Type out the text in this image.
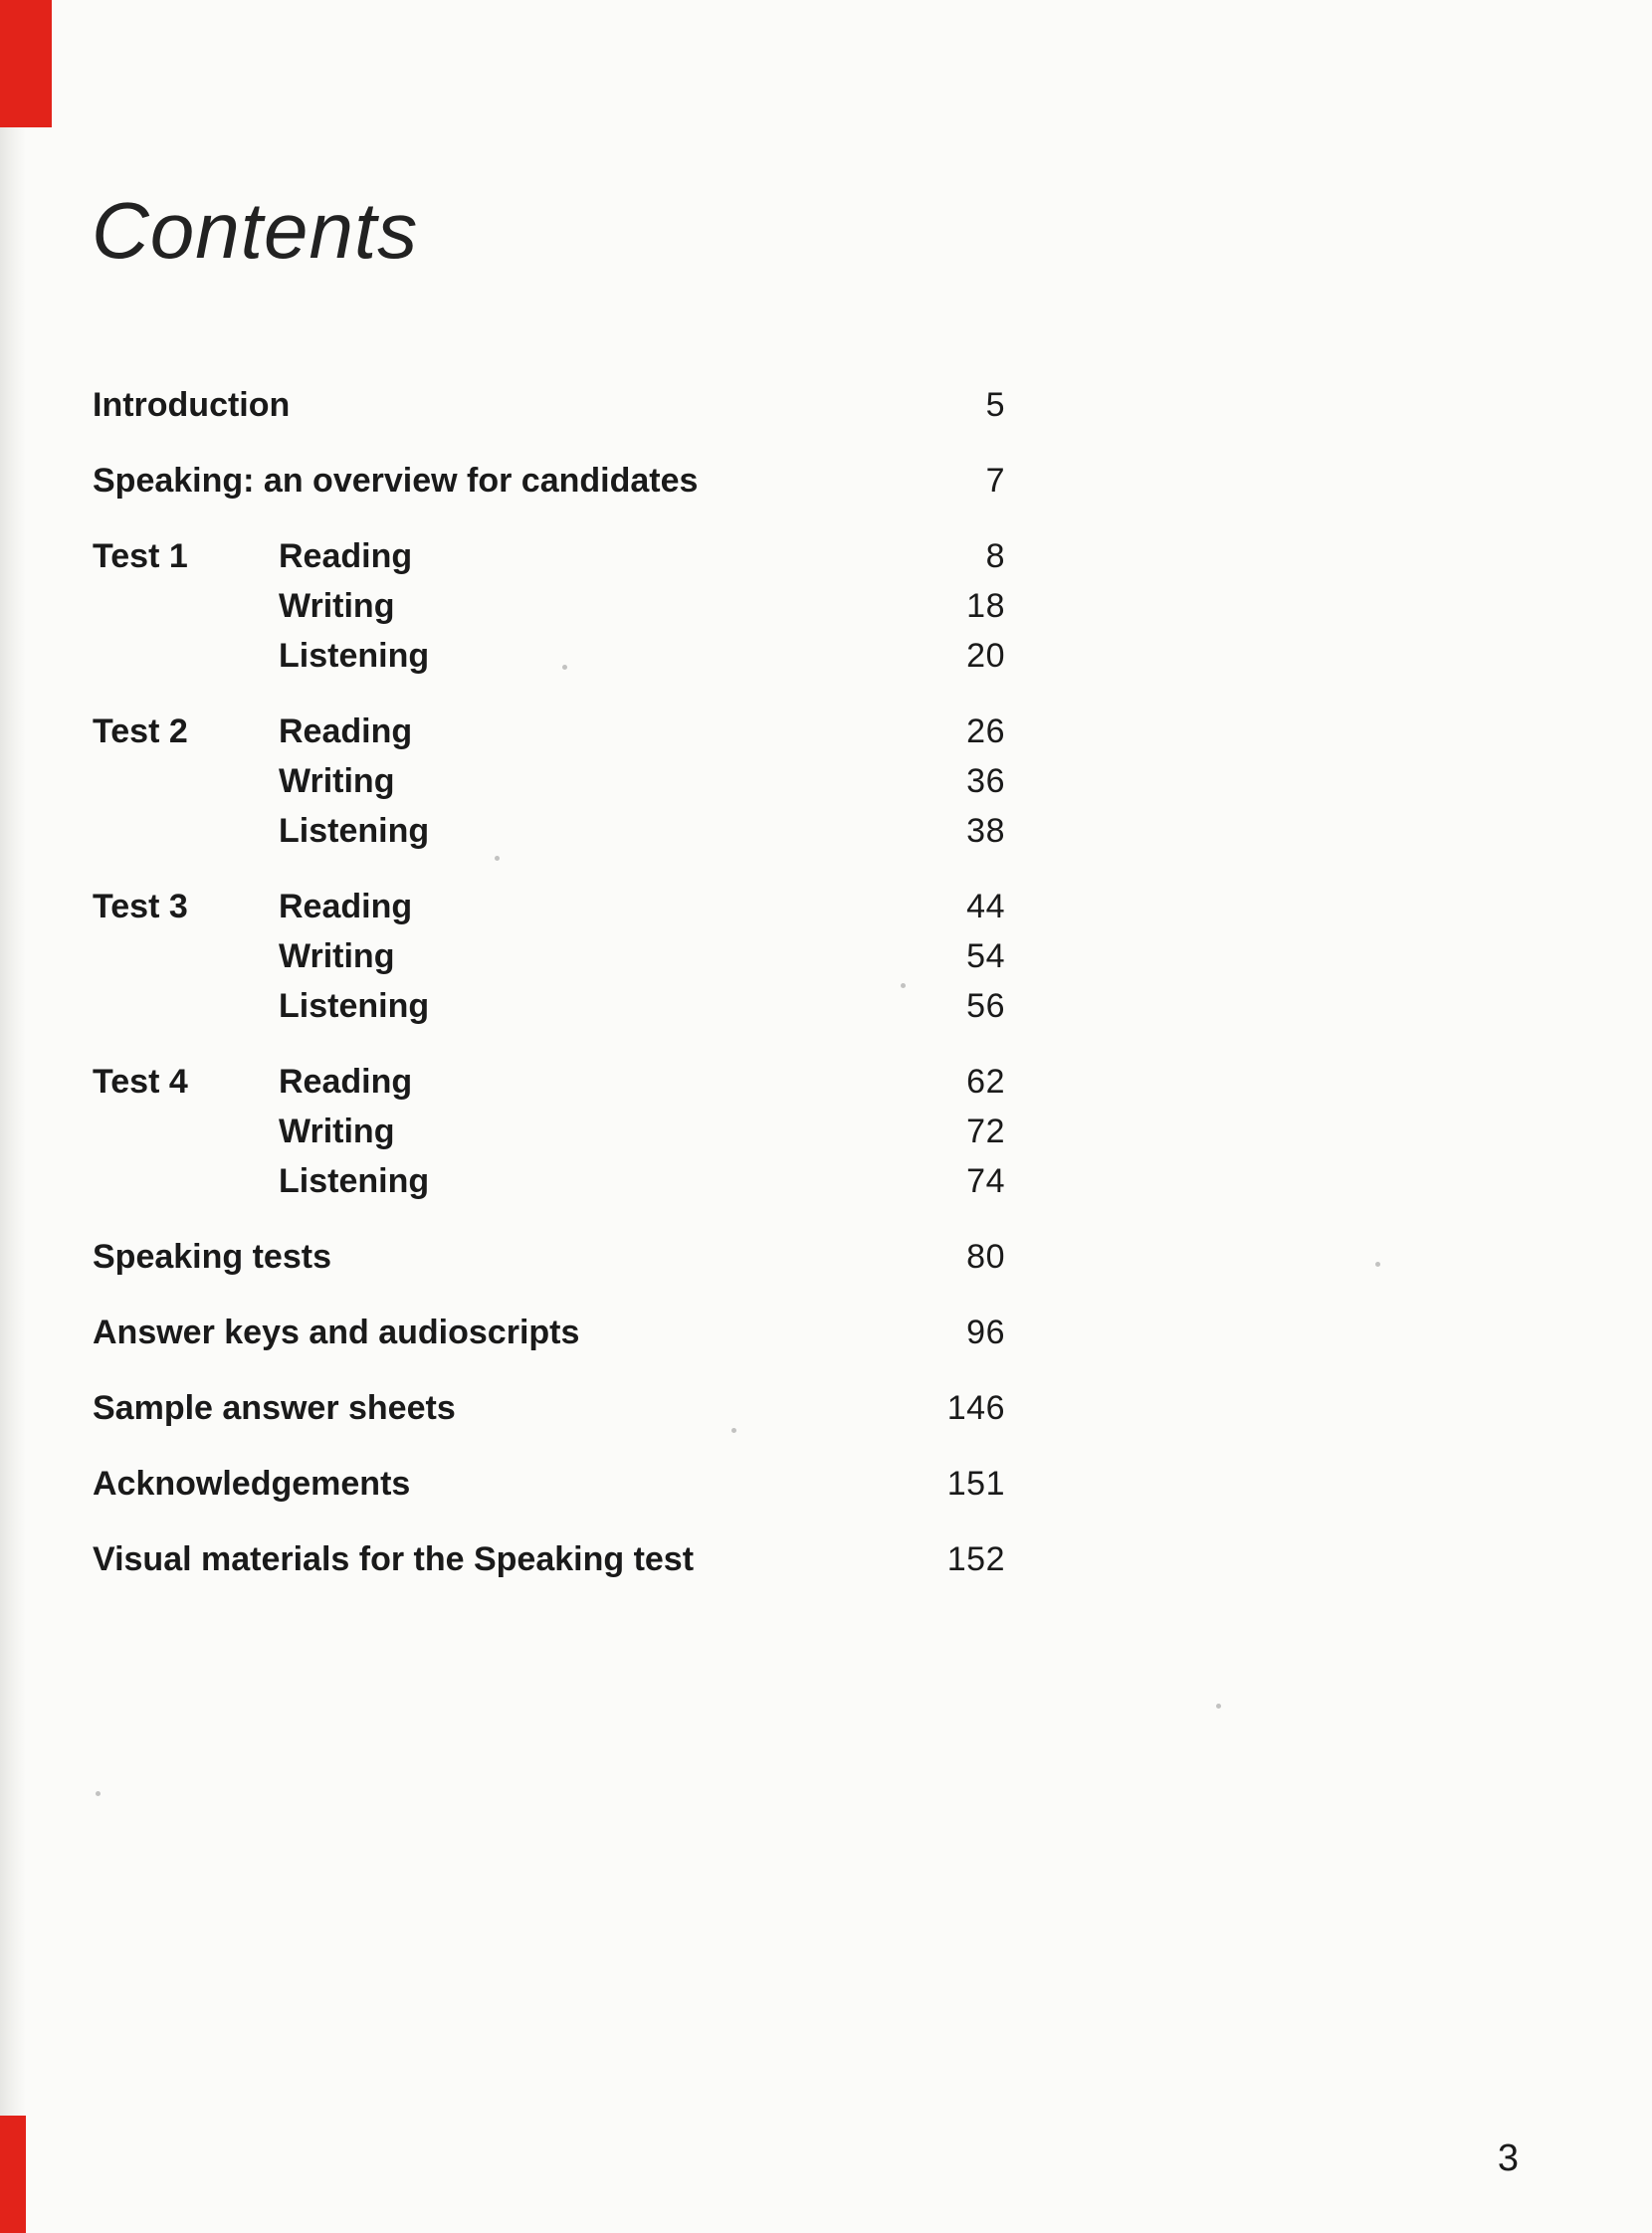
Contents
Introduction	5
Speaking: an overview for candidates	7
Test 1	Reading	8
Writing	18
Listening	20
Test 2	Reading	26
Writing	36
Listening	38
Test 3	Reading	44
Writing	54
Listening	56
Test 4	Reading	62
Writing	72
Listening	74
Speaking tests	80
Answer keys and audioscripts	96
Sample answer sheets	146
Acknowledgements	151
Visual materials for the Speaking test	152
3
